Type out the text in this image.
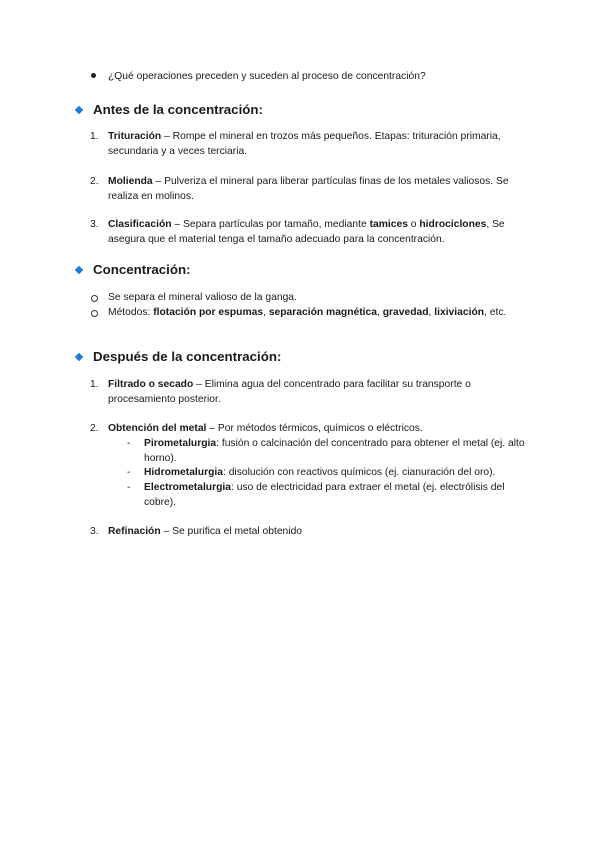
¿Qué operaciones preceden y suceden al proceso de concentración?
Antes de la concentración:
1. Trituración – Rompe el mineral en trozos más pequeños. Etapas: trituración primaria, secundaria y a veces terciaria.
2. Molienda – Pulveriza el mineral para liberar partículas finas de los metales valiosos. Se realiza en molinos.
3. Clasificación – Separa partículas por tamaño, mediante tamices o hidrociclones, Se asegura que el material tenga el tamaño adecuado para la concentración.
Concentración:
Se separa el mineral valioso de la ganga.
Métodos: flotación por espumas, separación magnética, gravedad, lixiviación, etc.
Después de la concentración:
1. Filtrado o secado – Elimina agua del concentrado para facilitar su transporte o procesamiento posterior.
2. Obtención del metal – Por métodos térmicos, químicos o eléctricos.
- Pirometalurgia: fusión o calcinación del concentrado para obtener el metal (ej. alto horno).
- Hidrometalurgia: disolución con reactivos químicos (ej. cianuración del oro).
- Electrometalurgia: uso de electricidad para extraer el metal (ej. electrólisis del cobre).
3. Refinación – Se purifica el metal obtenido
